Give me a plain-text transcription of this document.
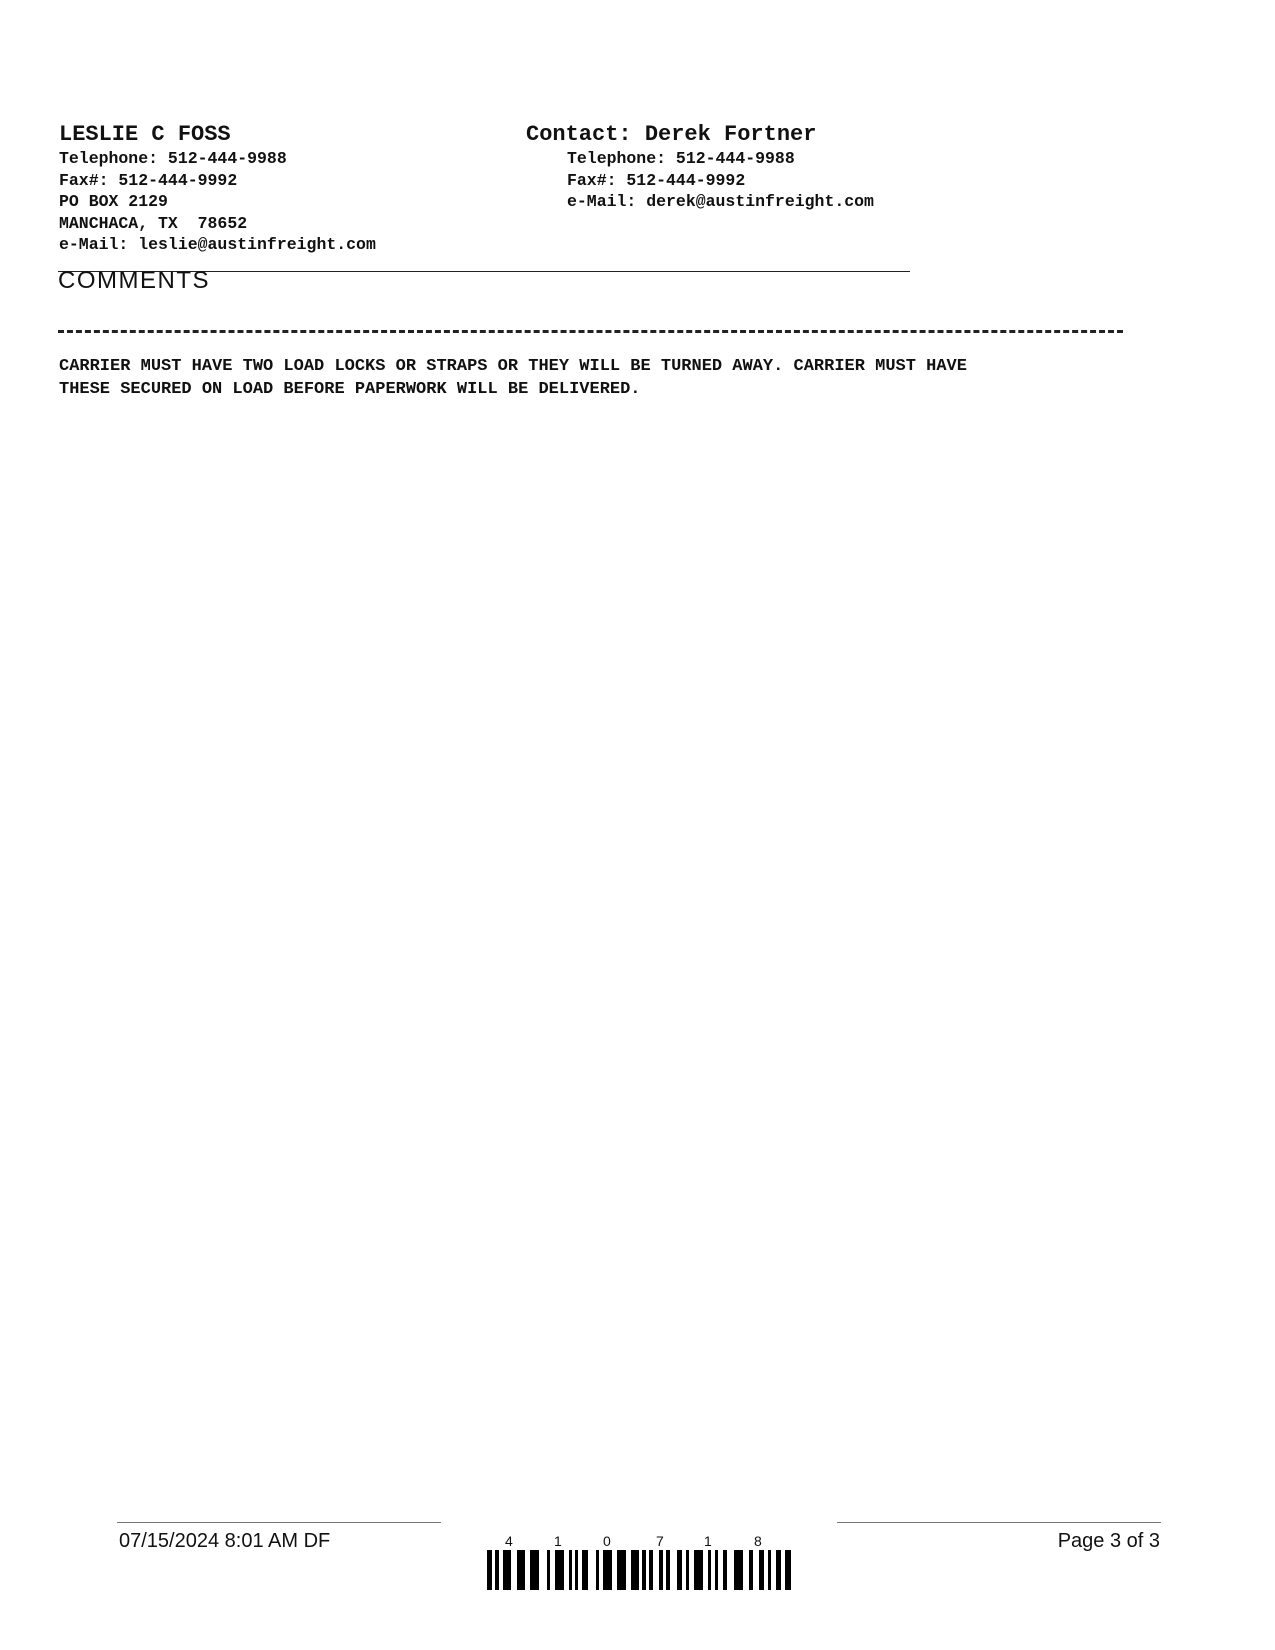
LESLIE C FOSS
Telephone: 512-444-9988
Fax#: 512-444-9992
PO BOX 2129
MANCHACA, TX  78652
e-Mail: leslie@austinfreight.com
Contact: Derek Fortner
Telephone: 512-444-9988
Fax#: 512-444-9992
e-Mail: derek@austinfreight.com
COMMENTS
CARRIER MUST HAVE TWO LOAD LOCKS OR STRAPS OR THEY WILL BE TURNED AWAY. CARRIER MUST HAVE
THESE SECURED ON LOAD BEFORE PAPERWORK WILL BE DELIVERED.
07/15/2024 8:01 AM DF	Page 3 of 3
4	1	0	7	1	8
